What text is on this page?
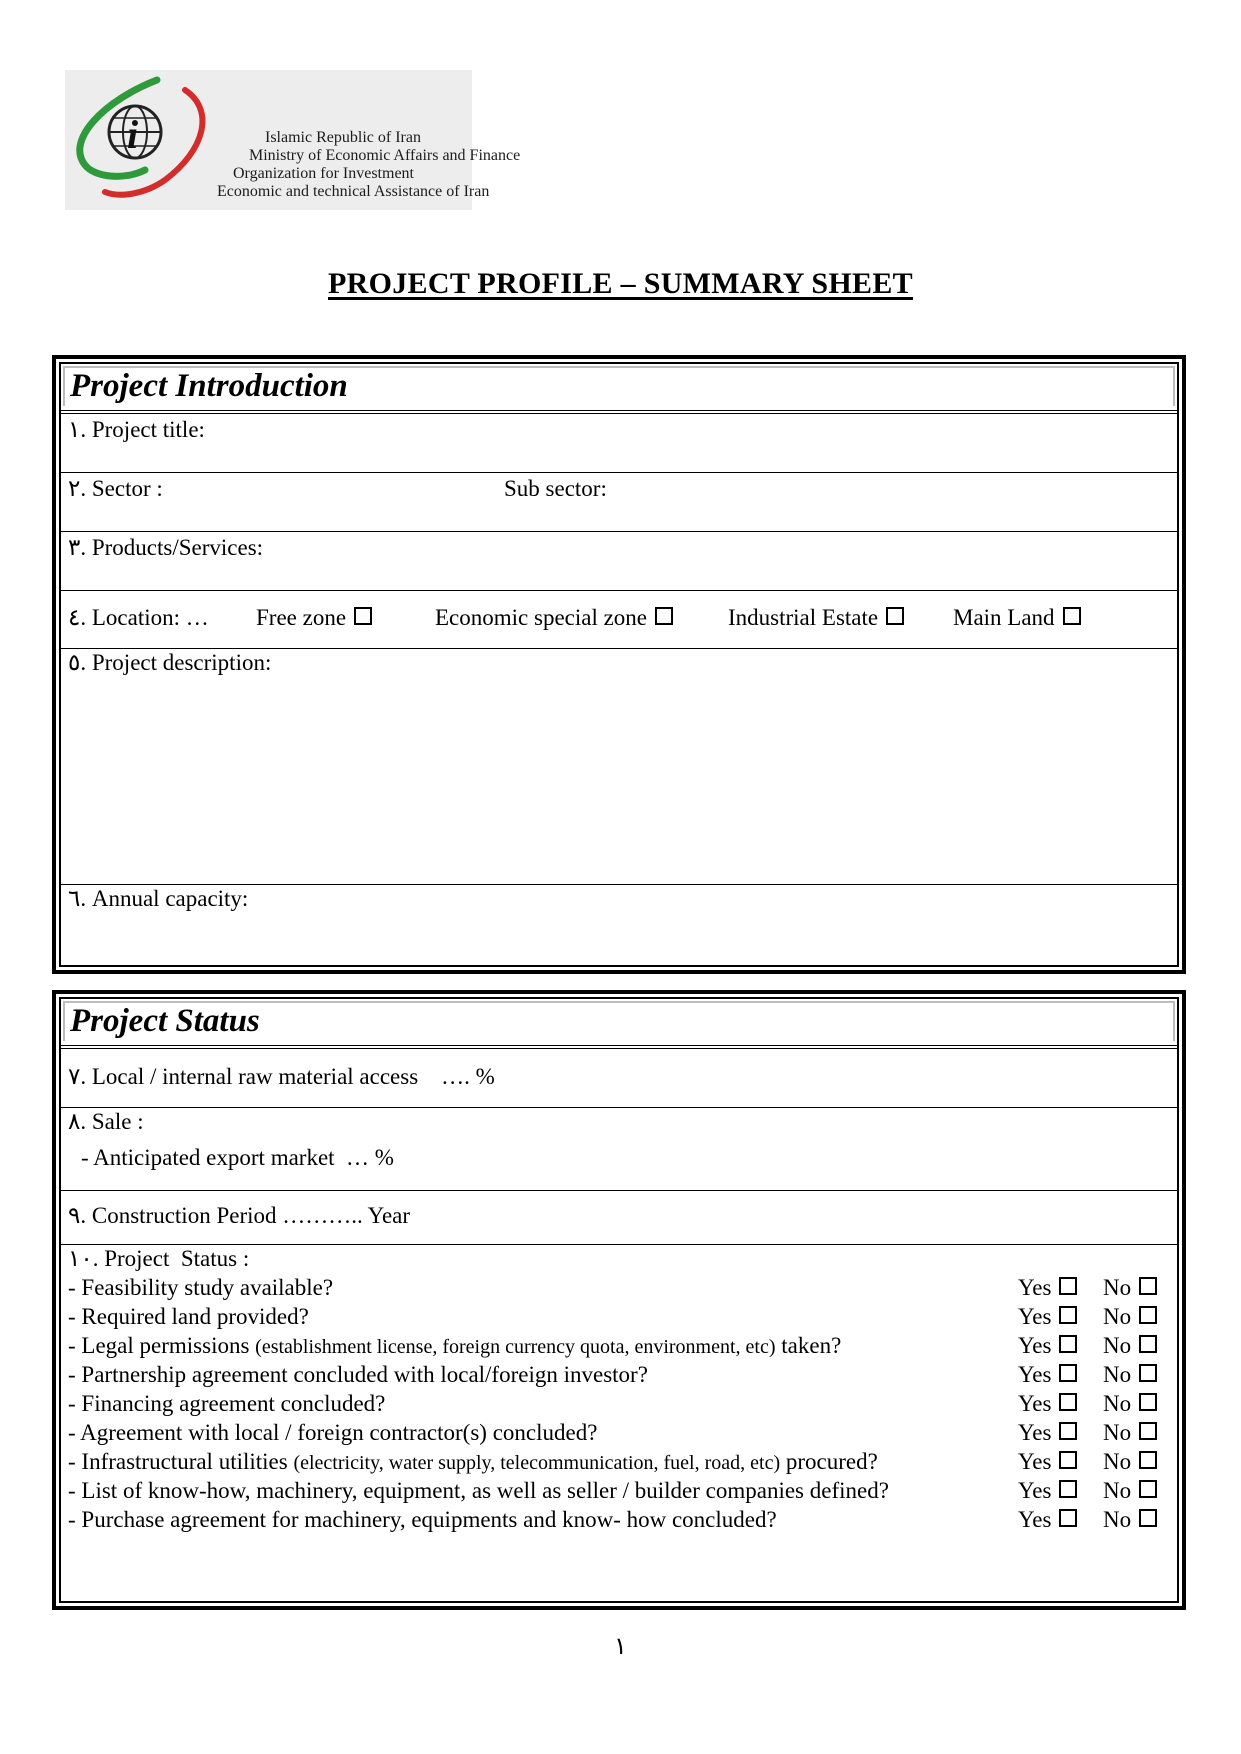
i	Islamic Republic of Iran
Ministry of Economic Affairs and Finance
Organization for Investment
Economic and technical Assistance of Iran
PROJECT PROFILE – SUMMARY SHEET
Project Introduction
١. Project title:
٢. Sector :	Sub sector:
٣. Products/Services:
٤. Location: … Free zone	Economic special zone	Industrial Estate	Main Land
٥. Project description:
٦. Annual capacity:
Project Status
٧. Local / internal raw material access    …. %
٨. Sale :
- Anticipated export market  … %
٩. Construction Period ……….. Year
١٠. Project  Status :
- Feasibility study available?	Yes	No
- Required land provided?	Yes	No
- Legal permissions (establishment license, foreign currency quota, environment, etc) taken?	Yes	No
- Partnership agreement concluded with local/foreign investor?	Yes	No
- Financing agreement concluded?	Yes	No
- Agreement with local / foreign contractor(s) concluded?	Yes	No
- Infrastructural utilities (electricity, water supply, telecommunication, fuel, road, etc) procured?	Yes	No
- List of know-how, machinery, equipment, as well as seller / builder companies defined?	Yes	No
- Purchase agreement for machinery, equipments and know- how concluded?	Yes	No
١
